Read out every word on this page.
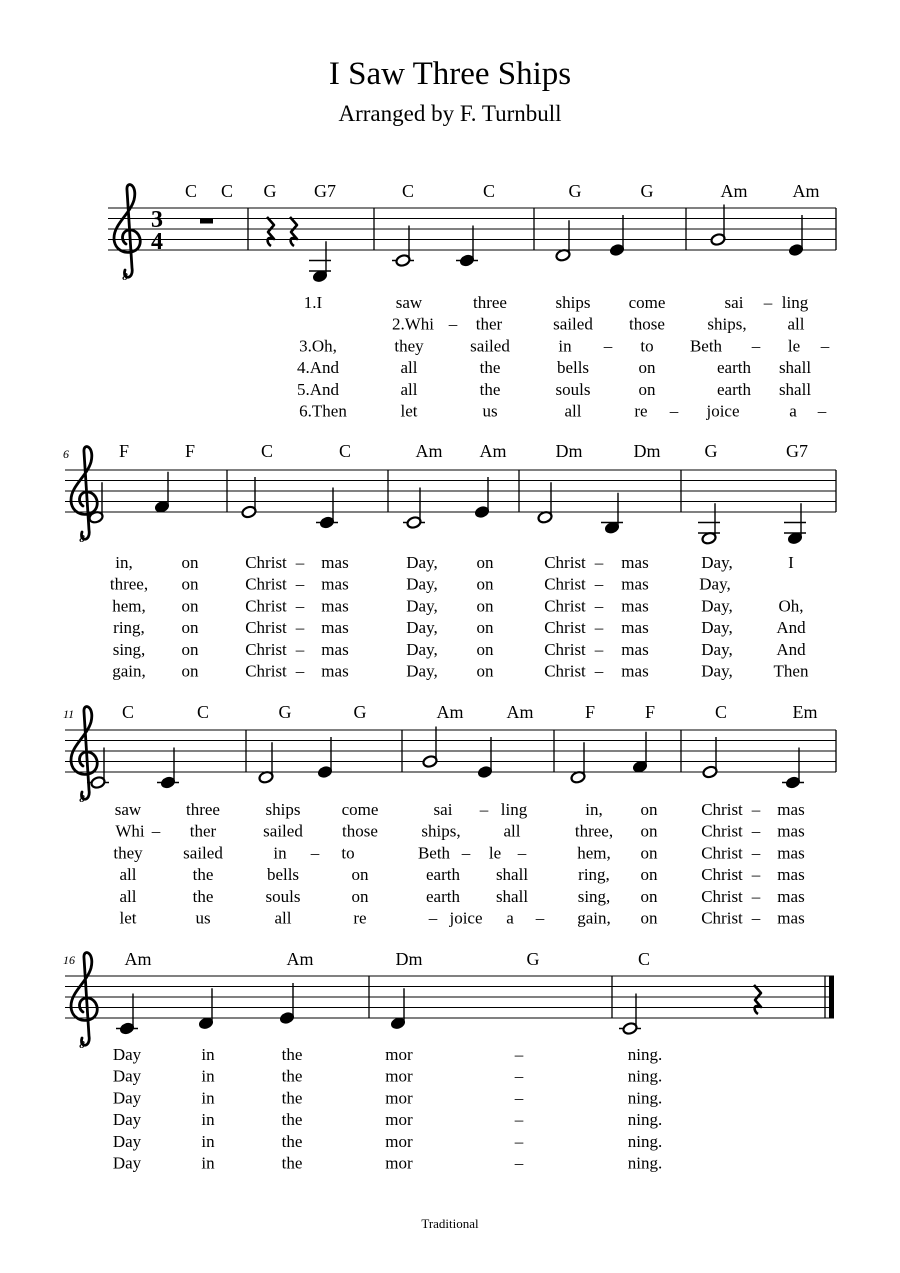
I Saw Three Ships
Arranged by F. Turnbull
8
3
4
C C G G7	C	C	G	G	Am	Am
1.I	saw	three	ships come	sai – ling
2.Whi – ther	sailed those ships, all
3.Oh,	they	sailed	in – to Beth – le –
4.And	all	the	bells	on	earth shall
5.And	all	the	souls	on	earth shall
6.Then	let	us	all	re – joice	a –
8
6	F	F	C	C	Am Am	Dm	Dm G	G7
in,	on	Christ – mas	Day, on	Christ – mas	Day,	I
three, on	Christ – mas	Day, on	Christ – mas	Day,
hem, on	Christ – mas	Day, on	Christ – mas	Day,	Oh,
ring, on	Christ – mas	Day, on	Christ – mas	Day,	And
sing, on	Christ – mas	Day, on	Christ – mas	Day,	And
gain, on	Christ – mas	Day, on	Christ – mas	Day, Then
8
11	C	C	G	G	Am Am	F	F	C	Em
saw	three	ships come	sai – ling	in, on	Christ – mas
Whi – ther	sailed those	ships,	all	three, on	Christ – mas
they sailed	in – to	Beth – le –	hem, on	Christ – mas
all	the	bells	on	earth shall	ring, on	Christ – mas
all	the	souls	on	earth shall	sing, on	Christ – mas
let	us	all	re	– joice a – gain, on	Christ – mas
8
16	Am	Am	Dm	G	C
Day	in	the	mor	–	ning.
Day	in	the	mor	–	ning.
Day	in	the	mor	–	ning.
Day	in	the	mor	–	ning.
Day	in	the	mor	–	ning.
Day	in	the	mor	–	ning.
Traditional
